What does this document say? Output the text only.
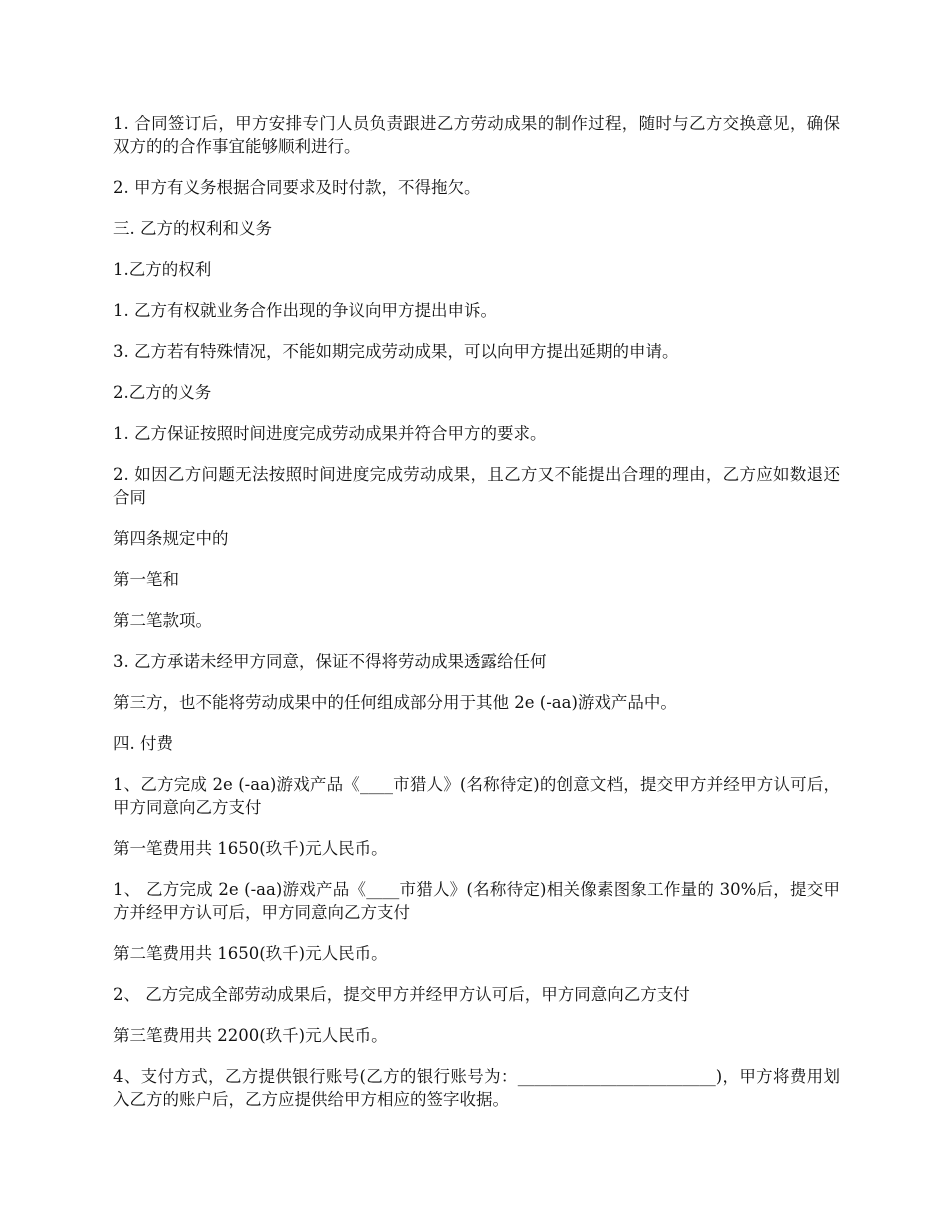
1. 合同签订后，甲方安排专门人员负责跟进乙方劳动成果的制作过程，随时与乙方交换意见，确保双方的的合作事宜能够顺利进行。

2. 甲方有义务根据合同要求及时付款，不得拖欠。

三. 乙方的权利和义务

1.乙方的权利

1. 乙方有权就业务合作出现的争议向甲方提出申诉。

3. 乙方若有特殊情况，不能如期完成劳动成果，可以向甲方提出延期的申请。

2.乙方的义务

1. 乙方保证按照时间进度完成劳动成果并符合甲方的要求。

2. 如因乙方问题无法按照时间进度完成劳动成果，且乙方又不能提出合理的理由，乙方应如数退还合同

第四条规定中的

第一笔和

第二笔款项。

3. 乙方承诺未经甲方同意，保证不得将劳动成果透露给任何

第三方，也不能将劳动成果中的任何组成部分用于其他 2e (-aa)游戏产品中。

四. 付费

1、乙方完成 2e (-aa)游戏产品《____市猎人》(名称待定)的创意文档，提交甲方并经甲方认可后，甲方同意向乙方支付

第一笔费用共 1650(玖千)元人民币。

1、 乙方完成 2e (-aa)游戏产品《____市猎人》(名称待定)相关像素图象工作量的 30%后，提交甲方并经甲方认可后，甲方同意向乙方支付

第二笔费用共 1650(玖千)元人民币。

2、 乙方完成全部劳动成果后，提交甲方并经甲方认可后，甲方同意向乙方支付

第三笔费用共 2200(玖千)元人民币。

4、支付方式，乙方提供银行账号(乙方的银行账号为：________________________)，甲方将费用划入乙方的账户后，乙方应提供给甲方相应的签字收据。
